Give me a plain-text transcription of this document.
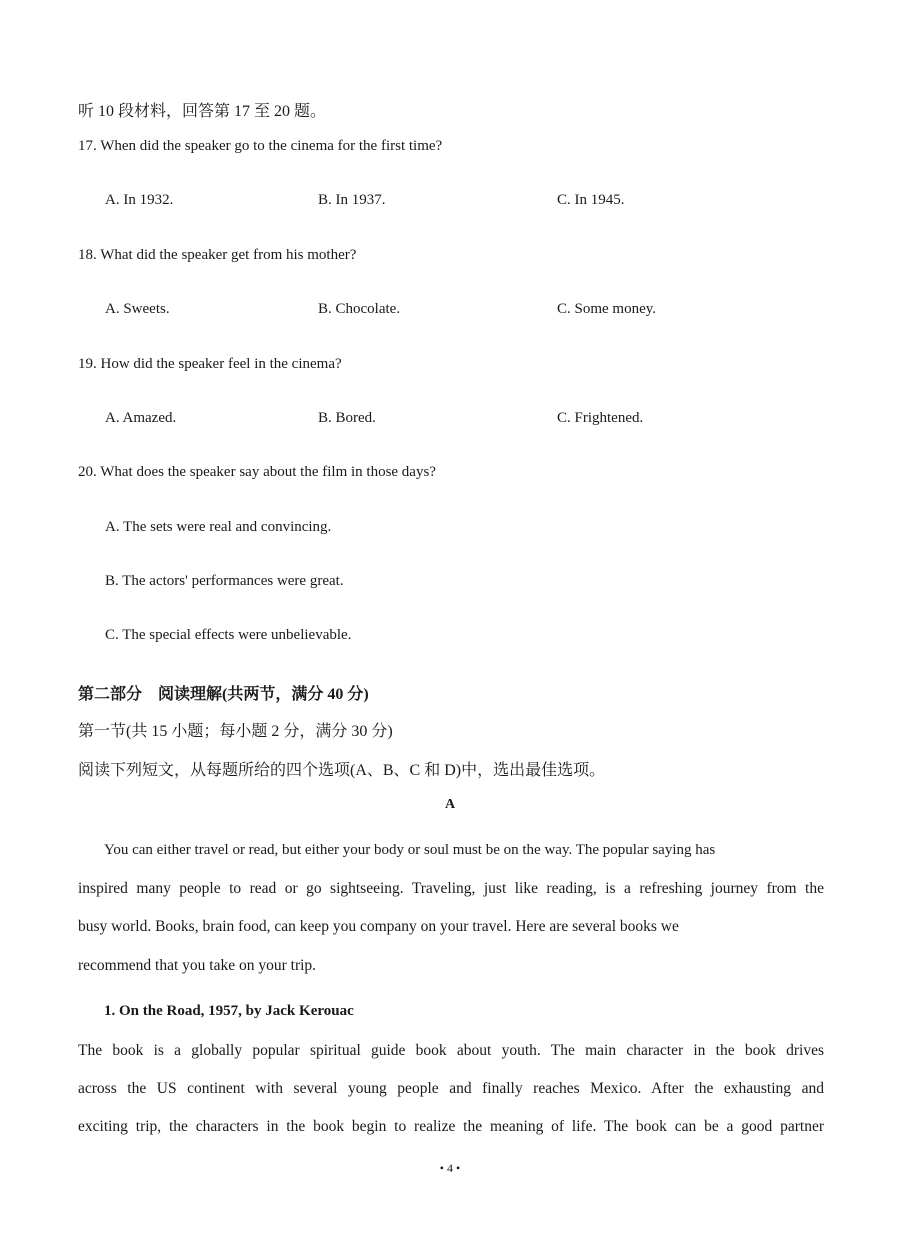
听 10 段材料，回答第 17 至 20 题。
17. When did the speaker go to the cinema for the first time?
A. In 1932.	B. In 1937.	C. In 1945.
18. What did the speaker get from his mother?
A. Sweets.	B. Chocolate.	C. Some money.
19. How did the speaker feel in the cinema?
A. Amazed.	B. Bored.	C. Frightened.
20. What does the speaker say about the film in those days?
A. The sets were real and convincing.
B. The actors' performances were great.
C. The special effects were unbelievable.
第二部分　阅读理解(共两节，满分 40 分)
第一节(共 15 小题；每小题 2 分，满分 30 分)
阅读下列短文，从每题所给的四个选项(A、B、C 和 D)中，选出最佳选项。
A
You can either travel or read, but either your body or soul must be on the way. The popular saying has
inspired many people to read or go sightseeing. Traveling, just like reading, is a refreshing journey from the
busy world. Books, brain food, can keep you company on your travel. Here are several books we
recommend that you take on your trip.
1. On the Road, 1957, by Jack Kerouac
The book is a globally popular spiritual guide book about youth. The main character in the book drives
across the US continent with several young people and finally reaches Mexico. After the exhausting and
exciting trip, the characters in the book begin to realize the meaning of life. The book can be a good partner
• 4 •
